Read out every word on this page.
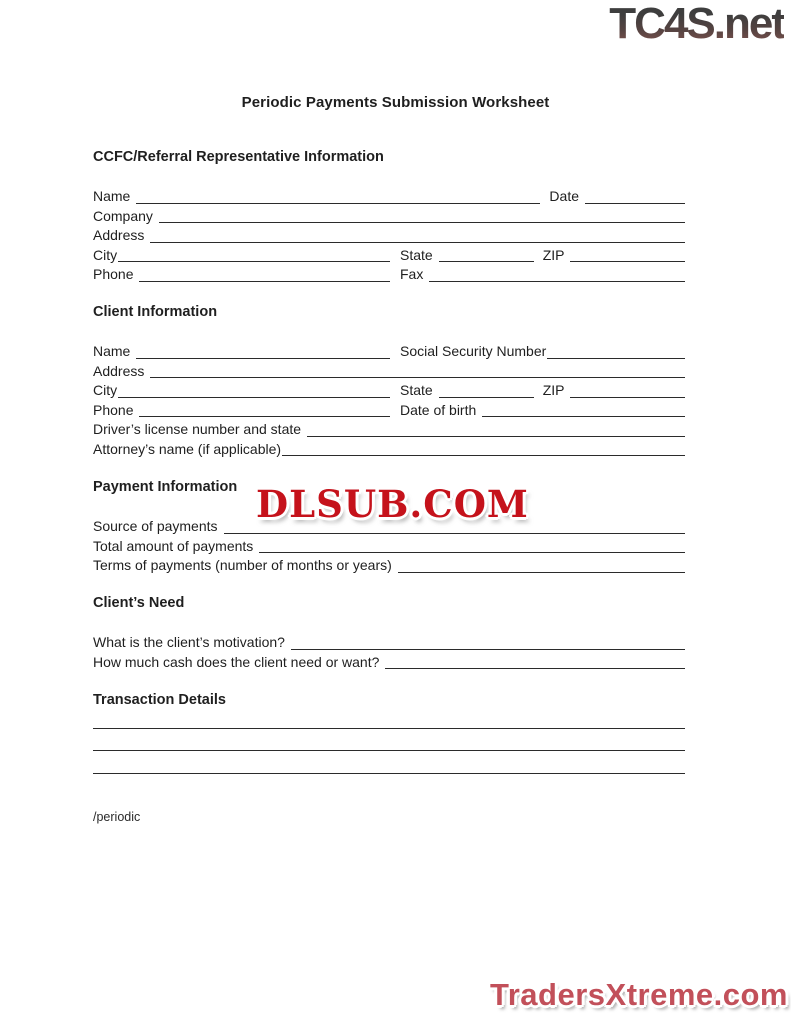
TC4S.net
Periodic Payments Submission Worksheet
CCFC/Referral Representative Information
Name	Date
Company
Address
City	State	ZIP
Phone	Fax
Client Information
Name	Social Security Number
Address
City	State	ZIP
Phone	Date of birth
Driver’s license number and state
Attorney’s name (if applicable)
Payment Information
Source of payments
Total amount of payments
Terms of payments (number of months or years)
Client’s Need
What is the client’s motivation?
How much cash does the client need or want?
Transaction Details
/periodic
DLSUB.COM
TradersXtreme.com
